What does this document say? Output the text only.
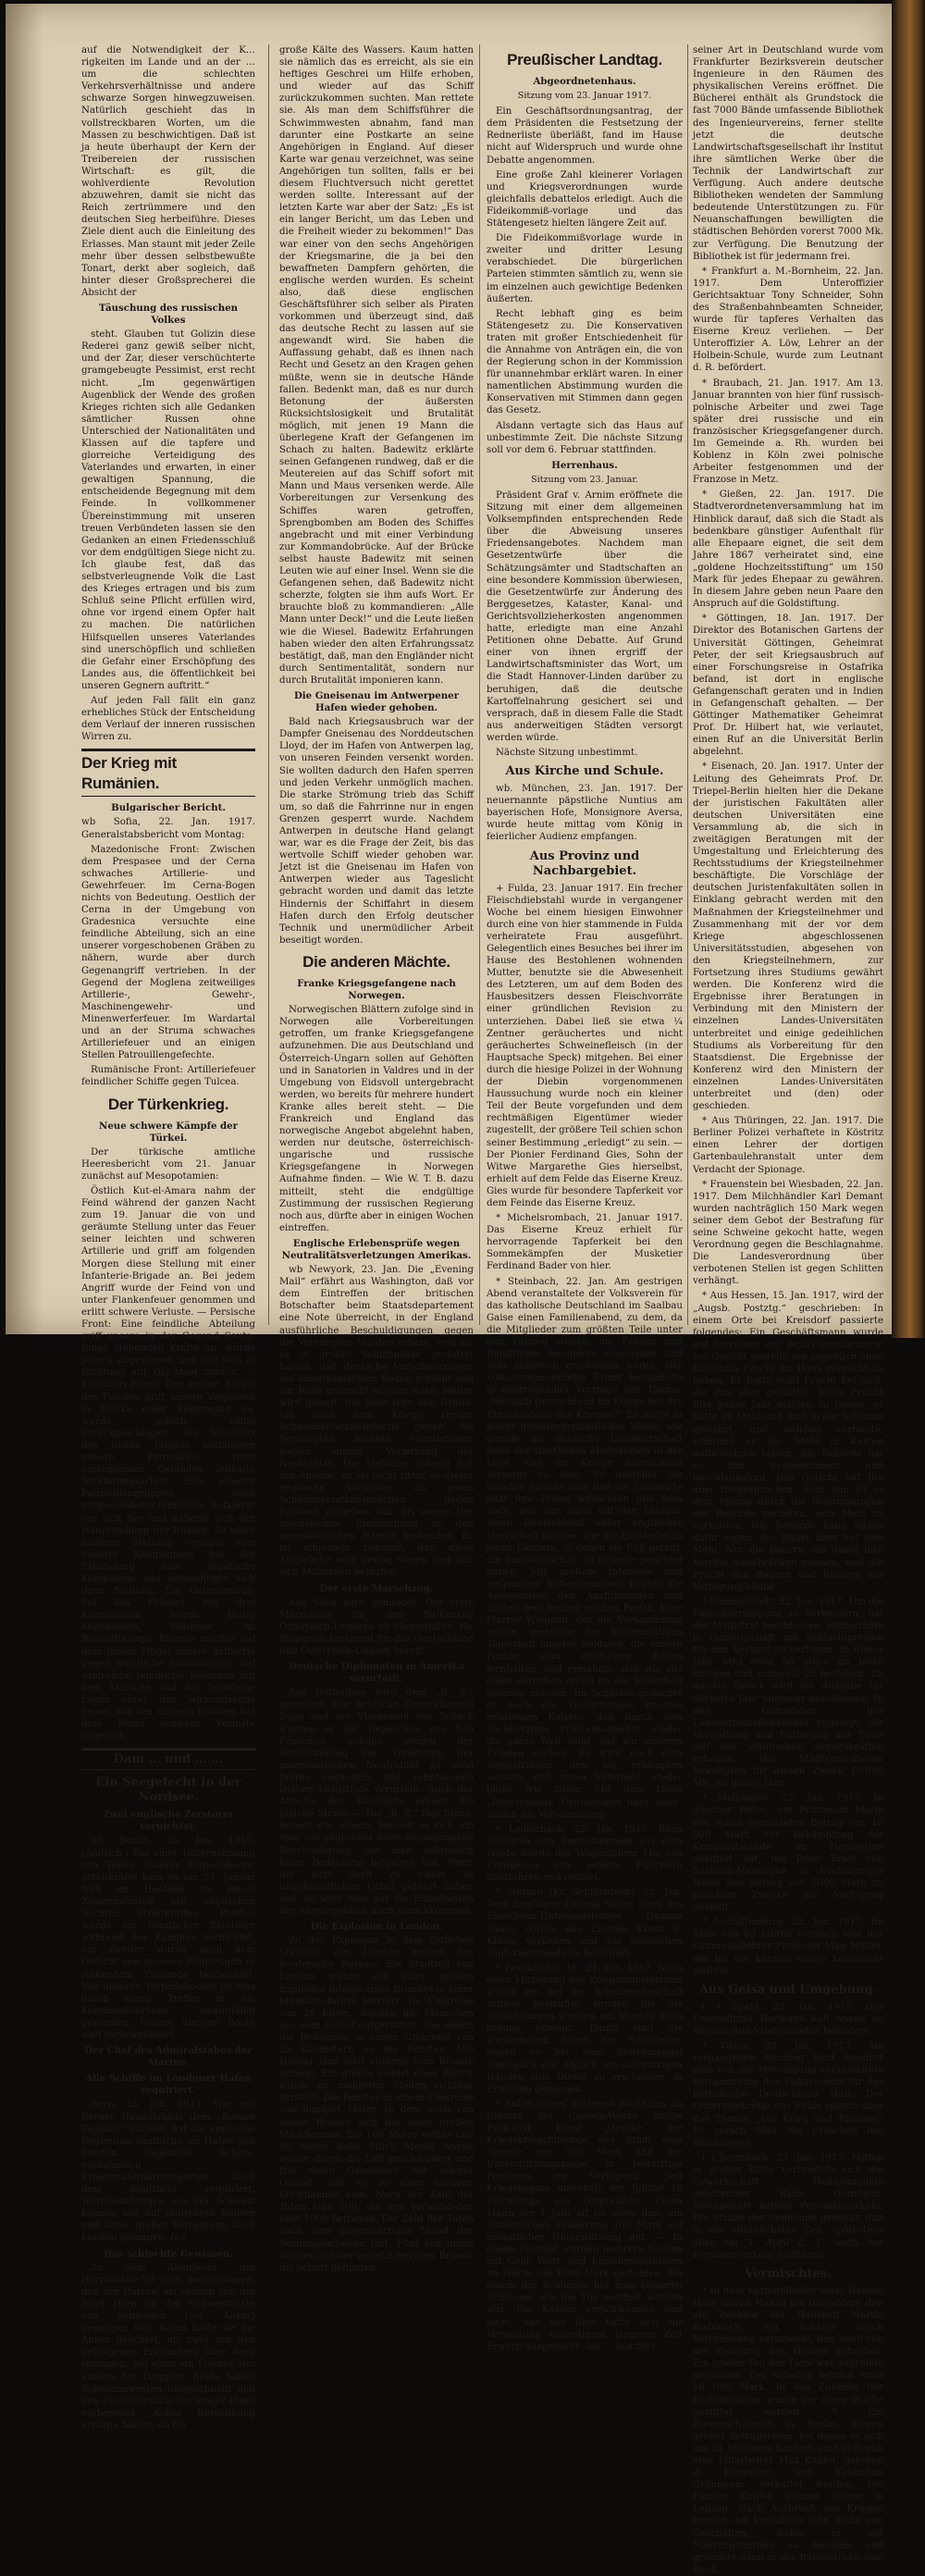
auf die Notwendigkeit der K… rigkeiten im Lande und an der … um die schlechten Verkehrsverhältnisse und andere schwarze Sorgen hinwegzuweisen. Natürlich geschieht das in vollstreckbaren Worten, um die Massen zu beschwichtigen. Daß ist ja heute überhaupt der Kern der Treibereien der russischen Wirtschaft: es gilt, die wohlverdiente Revolution abzuwehren, damit sie nicht das Reich zertrümmere und den deutschen Sieg herbeiführe. Dieses Ziele dient auch die Einleitung des Erlasses. Man staunt mit jeder Zeile mehr über dessen selbstbewußte Tonart, derkt aber sogleich, daß hinter dieser Großsprecherei die Absicht der

Täuschung des russischen Volkes

steht. Glauben tut Golizin diese Rederei ganz gewiß selber nicht, und der Zar, dieser verschüchterte gramgebeugte Pessimist, erst recht nicht. „Im gegenwärtigen Augenblick der Wende des großen Krieges richten sich alle Gedanken sämtlicher Russen ohne Unterschied der Nationalitäten und Klassen auf die tapfere und glorreiche Verteidigung des Vaterlandes und erwarten, in einer gewaltigen Spannung, die entscheidende Begegnung mit dem Feinde. In vollkommener Übereinstimmung mit unseren treuen Verbündeten lassen sie den Gedanken an einen Friedensschluß vor dem endgültigen Siege nicht zu. Ich glaube fest, daß das selbstverleugnende Volk die Last des Krieges ertragen und bis zum Schluß seine Pflicht erfüllen wird, ohne vor irgend einem Opfer halt zu machen. Die natürlichen Hilfsquellen unseres Vaterlandes sind unerschöpflich und schließen die Gefahr einer Erschöpfung des Landes aus, die öffentlichkeit bei unseren Gegnern auftritt.“

Auf jeden Fall fällt ein ganz erhebliches Stück der Entscheidung dem Verlauf der inneren russischen Wirren zu.

Der Krieg mit Rumänien.
Bulgarischer Bericht.

wb Sofia, 22. Jan. 1917. Generalstabsbericht vom Montag:

Mazedonische Front: Zwischen dem Prespasee und der Cerna schwaches Artillerie- und Gewehrfeuer. Im Cerna-Bogen nichts von Bedeutung. Oestlich der Cerna in der Umgebung von Gradesnica versuchte eine feindliche Abteilung, sich an eine unserer vorgeschobenen Gräben zu nähern, wurde aber durch Gegenangriff vertrieben. In der Gegend der Moglena zeitweiliges Artillerie-, Gewehr-, Maschinengewehr- und Minenwerferfeuer. Im Wardartal und an der Struma schwaches Artilleriefeuer und an einigen Stellen Patrouillengefechte.

Rumänische Front: Artilleriefeuer feindlicher Schiffe gegen Tulcea.

Der Türkenkrieg.
Neue schwere Kämpfe der Türkei.

Der türkische amtliche Heeresbericht vom 21. Januar zunächst auf Mesopotamien:

Östlich Kut-el-Amara nahm der Feind während der ganzen Nacht zum 19. Januar die von und geräumte Stellung unter das Feuer seiner leichten und schweren Artillerie und griff am folgenden Morgen diese Stellung mit einer Infanterie-Brigade an. Bei jedem Angriff wurde der Feind von und unter Flankenfeuer genommen und erlitt schwere Verluste. — Persische Front: Eine feindliche Abteilung griff unsere in der Gegend Sauta-Bulak stehenden Kräfte an, wurde jedoch abgewiesen und zog sich in Richtung auf Dig-Abad zurück. — Kaukasus-Front: Der rechte Flügel des Feindes griff unsere Vorposten in Stärke einer Kompagnie an, wurde jedoch völlig zurückgeschlagen. Am Abschnitt des linken Flügels entfalteten unsere Patrouillen trotz unwegsamen Geländes lebhafte Aufklärungsarbeit. Eine unserer Patrouillengruppen stieß vorgeschobene feindliche Aufklärer vor sich her und näherte sich der Hauptstellung der Russen. Zu einer anderen Stellung verjagte eine unserer Kompagnien bei der Erkundung eine feindliche Kompagnie und bemächtigte sich ihrer Stellung. Ein Gefangenzug, fiel des Feindes mit drei Kompagnien wurde blutig abgewiesen, teilweise im Bajonettkampf. Ebenso machte auf dem linken Flügel unsere Artillerie gegen feindliche Sammlungen, auf zahlreiche feindliche Kolonnen auf dem Marsche und das feindliche Lager unter das wirkungsvolle Feuer. Auf den übrigen Fronten hat dem Feind schwere Verluste zugefügt.

Dam … und … …
Ein Seegefecht in der Nordsee.
Zwei englische Zerstörer vernichtet.

wb Berlin, 23. Jan. 1917. (Amtlich.) Bei einer Unternehmung von Teilen unserer Torpedoboots-Streitkräfte kam es am 23. Januar früh im Hoofden zu einem Zusammenstoß mit englischen leichten Streitkräften. Hierbei wurde ein feindlicher Zerstörer während des Kampfes vernichtet, ein zweiter wurde nach dem Gefecht von unseren Flugzeugen in sinkendem Zustande beobachtet. Von unseren Torpedobooten ist eins durch einen Treffer in die Kommandobrücke sinkunfähig geworden. Unsere übrigen Boote sind zurückgekehrt.

Der Chef des Admiralstabes der Marine.
Alle Schiffe im Londoner Hafen requiriert.

Bern, 23. Jan. 1917. Wie ein Berner Handelshaus dem „Berner Tagblatt“ mitteilt, hat die englische Regierung sämtliche im Hafen von London liegenden Schiffe, vornehmlich Kriegsmaterialtransporten nach dem Kontinent requiriert. Warensendungen aus der Schweiz können nur auf indirekten Routen und unter großer Verspätung nach London gelangen. (z.)

Das schlechte Gewissen.

Zu dem Abenteuer der Harrowdale ist noch nachzutragen, daß der Harrow als südlich von der Insel Horn an der Südwestküste von Schweden (vor Anker) gegangen war. Kaum hatte sie die Anker gelichtet, als zwei von den gefangenen Engländern über Bord sprangen, bei einer ein Fischer, der andere der Dampfer. Beide haben Schwimmwesten umgeschnallt und den Fluchtversuch von langer Hand vorbereitet. Auker Berechnung erfolgte halber, da bis

große Kälte des Wassers. Kaum hatten sie nämlich das es erreicht, als sie ein heftiges Geschrei um Hilfe erhoben, und wieder auf das Schiff zurückzukommen suchten. Man rettete sie. Als man dem Schiffsführer die Schwimmwesten abnahm, fand man darunter eine Postkarte an seine Angehörigen in England. Auf dieser Karte war genau verzeichnet, was seine Angehörigen tun sollten, falls er bei diesem Fluchtversuch nicht gerettet werden sollte. Interessant auf der letzten Karte war aber der Satz: „Es ist ein langer Bericht, um das Leben und die Freiheit wieder zu bekommen!“ Das war einer von den sechs Angehörigen der Kriegsmarine, die ja bei den bewaffneten Dampfern gehörten, die englische werden wurden. Es scheint also, daß diese englischen Geschäftsführer sich selber als Piraten vorkommen und überzeugt sind, daß das deutsche Recht zu lassen auf sie angewandt wird. Sie haben die Auffassung gehabt, daß es ihnen nach Recht und Gesetz an den Kragen gehen müßte, wenn sie in deutsche Hände fallen. Bedenkt man, daß es nur durch Betonung der äußersten Rücksichtslosigkeit und Brutalität möglich, mit jenen 19 Mann die überlegene Kraft der Gefangenen im Schach zu halten. Badewitz erklärte seinen Gefangenen rundweg, daß er die Meutereien auf das Schiff sofort mit Mann und Maus versenken werde. Alle Vorbereitungen zur Versenkung des Schiffes waren getroffen, Sprengbomben am Boden des Schiffes angebracht und mit einer Verbindung zur Kommandobrücke. Auf der Brücke selbst hauste Badewitz mit seinen Leuten wie auf einer Insel. Wenn sie die Gefangenen sehen, daß Badewitz nicht scherzte, folgten sie ihm aufs Wort. Er brauchte bloß zu kommandieren: „Alle Mann unter Deck!“ und die Leute ließen wie die Wiesel. Badewitz Erfahrungen haben wieder den alten Erfahrungssatz bestätigt, daß, man den Engländer nicht durch Sentimentalität, sondern nur durch Brutalität imponieren kann.

Die Gneisenau im Antwerpener Hafen wieder gehoben.

Bald nach Kriegsausbruch war der Dampfer Gneisenau des Norddeutschen Lloyd, der im Hafen von Antwerpen lag, von unseren Feinden versenkt worden. Sie wollten dadurch den Hafen sperren und jeden Verkehr unmöglich machen. Die starke Strömung trieb das Schiff um, so daß die Fahrrinne nur in engen Grenzen gesperrt wurde. Nachdem Antwerpen in deutsche Hand gelangt war, war es die Frage der Zeit, bis das wertvolle Schiff wieder gehoben war. Jetzt ist die Gneisenau im Hafen von Antwerpen wieder aus Tageslicht gebracht worden und damit das letzte Hindernis der Schiffahrt in diesem Hafen durch den Erfolg deutscher Technik und unermüdlicher Arbeit beseitigt worden.

Die anderen Mächte.
Franke Kriegsgefangene nach Norwegen.

Norwegischen Blättern zufolge sind in Norwegen alle Vorbereitungen getroffen, um franke Kriegsgefangene aufzunehmen. Die aus Deutschland und Österreich-Ungarn sollen auf Gehöften und in Sanatorien in Valdres und in der Umgebung von Eidsvoll untergebracht werden, wo bereits für mehrere hundert Kranke alles bereit steht. — Die Frankreich und England das norwegische Angebot abgelehnt haben, werden nur deutsche, österreichisch-ungarische und russische Kriegsgefangene in Norwegen Aufnahme finden. — Wie W. T. B. dazu mitteilt, steht die endgültige Zustimmung der russischen Regierung noch aus, dürfte aber in einigen Wochen eintreffen.

Englische Erlebensprüfe wegen Neutralitätsverletzungen Amerikas.

wb Newyork, 23. Jan. Die „Evening Mail“ erfährt aus Washington, daß vor dem Eintreffen der britischen Botschafter beim Staatsdepartement eine Note überreicht, in der England ausführliche Beschuldigungen gegen die Vereinigten Staaten erhebt, weil sie es in großer Schiffspässe gestattet hatten, daß deutsche Verschwörungen auf amerikanischem Boden geplant und zur Reife gebracht worden seien. Weiter wird gesagt, die Note lege den Grund, um nach dem Kriege riesige Schadenersatzansprüche gegen die Vereinigten Staaten vorzubringen wegen angebl. Verletzung der Neutralität. Die Meldung scheint mit der Angabe, es sei nicht fiktiv, so dieser englische Vorschlag an jenen Schadenersatzansprüchen gegen England vorgehen will, als wegen der zweifelsohne Einmischung in den amerikanischen Handel bestanden. Es ist allgemein bekannt, daß diese Ansprüche sehr gering wären und daß sich Milliarden belaufen.

Der erste Marschzug.

Aus Sofia wird gemeldet: Der erste Marschzug für den Balkanzug Österreich-Ungarns ist eingetroffen, für Bulgarien bestimmt für das Deutschland und Österreich-Ungarn bereit.

Deutsche Diplomaten in Amerika verurteilt.

Aus Rotterdam wird dem „B. Z.“ gemeldet: Der deutsche Generalkonsul Bopp und der Vizekonsul von Schack wurden in der Depeschen aus San Francisco zufolge wegen der Verschwörung zur Verletzung der amerikanischen Neutralität zu zwei Jahren Gefängnis und zehntausend Dollars Geldstrafe verurteilt. Auch der Attaché des Konsulats erhielt die gleiche Strafe. — Die „B. Z.“ fügt hinzu: Soweit wir wissen, handelt es sich um eine von englischer Seite ausgegangene Beschuldigung, der man anfänglich keine Bedeutung beigelegt hat. Wenn die jetzt doch zu einem so ungeheuerlichen Urteil geführt haben soll, so wird man auf die Einzelheiten der Angelegenheit noch zurückkommen.

Die Explosion in London.

Zu der Explosion in dem östlichen Stadtteil von London meldet das Reutersche Bureau: Ein Stadtteil von London wurde auf einer großen Explosion infolge eines Brandes in einer Munitionsfabrik zerstört. Im Umkreise von 25 Kilom. wurden die Menschen aus dem Schlaf aufgerüttelt, von denen die Bewohner in einem Umkreise von 25 Kilometern an die Fenster. Alle Häuser sind weit entfernt vom Brande gezeigt. Ein großes Gebiet einer Fabrik wurde an mehreren Stellen sichtbar zerstört. Die Fenster in einem Umkreise von hundert Meter, in dem noch von einem Brande sich bei einer großen Stichflamme. Ein 100 Meter weiter und 80 Meter hohe Stück Metall wurde weiter durch die Luft geschleudert und traf einen Gasmesser mit solcher Gewalt, daß es zu einer riesigen Stichflamme kam. Nach der Zahl der Toten eine 100, die der Verwundeten eine 1000 betragen. Die Zahl der Toten nach dem gegenwärtigen Stand der Bergungsarbeiten fast. Fünf von ihnen wurden schwer verletzt bei dem Brande ins Schutt gefunden.

Preußischer Landtag.
Abgeordnetenhaus.
Sitzung vom 23. Januar 1917.

Ein Geschäftsordnungsantrag, der dem Präsidenten die Festsetzung der Rednerliste überläßt, fand im Hause nicht auf Widerspruch und wurde ohne Debatte angenommen.

Eine große Zahl kleinerer Vorlagen und Kriegsverordnungen wurde gleichfalls debattelos erledigt. Auch die Fideikommiß-vorlage und das Stätengesetz hielten längere Zeit auf.

Die Fideikommißvorlage wurde in zweiter und dritter Lesung verabschiedet. Die bürgerlichen Parteien stimmten sämtlich zu, wenn sie im einzelnen auch gewichtige Bedenken äußerten.

Recht lebhaft ging es beim Stätengesetz zu. Die Konservativen traten mit großer Entschiedenheit für die Annahme von Anträgen ein, die von der Regierung schon in der Kommission für unannehmbar erklärt waren. In einer namentlichen Abstimmung wurden die Konservativen mit Stimmen dann gegen das Gesetz.

Alsdann vertagte sich das Haus auf unbestimmte Zeit. Die nächste Sitzung soll vor dem 6. Februar stattfinden.

Herrenhaus.
Sitzung vom 23. Januar.

Präsident Graf v. Arnim eröffnete die Sitzung mit einer dem allgemeinen Volksempfinden entsprechenden Rede über die Abweisung unseres Friedensangebotes. Nachdem man Gesetzentwürfe über die Schätzungsämter und Stadtschaften an eine besondere Kommission überwiesen, die Gesetzentwürfe zur Änderung des Berggesetzes, Kataster, Kanal- und Gerichtsvollzieherkosten angenommen hatte, erledigte man eine Anzahl Petitionen ohne Debatte. Auf Grund einer von ihnen ergriff der Landwirtschaftsminister das Wort, um die Stadt Hannover-Linden darüber zu beruhigen, daß die deutsche Kartoffelnahrung gesichert sei und versprach, daß in diesem Falle die Stadt aus anderweitigen Städten versorgt werden würde.

Nächste Sitzung unbestimmt.

Aus Kirche und Schule.

wb. München, 23. Jan. 1917. Der neuernannte päpstliche Nuntius am bayerischen Hofe, Monsignore Aversa, wurde heute mittag vom König in feierlicher Audienz empfangen.

Aus Provinz und Nachbargebiet.

+ Fulda, 23. Januar 1917. Ein frecher Fleischdiebstahl wurde in vergangener Woche bei einem hiesigen Einwohner durch eine von hier stammende in Fulda verheiratete Frau ausgeführt. Gelegentlich eines Besuches bei ihrer im Hause des Bestohlenen wohnenden Mutter, benutzte sie die Abwesenheit des Letzteren, um auf dem Boden des Hausbesitzers dessen Fleischvorräte einer gründlichen Revision zu unterziehen. Dabei ließ sie etwa ¼ Zentner geräuchertes und nicht geräuchertes Schweinefleisch (in der Hauptsache Speck) mitgehen. Bei einer durch die hiesige Polizei in der Wohnung der Diebin vorgenommenen Haussuchung wurde noch ein kleiner Teil der Beute vorgefunden und dem rechtmäßigen Eigentümer wieder zugestellt, der größere Teil schien schon seiner Bestimmung „erledigt“ zu sein. — Der Pionier Ferdinand Gies, Sohn der Witwe Margarethe Gies hierselbst, erhielt auf dem Felde das Eiserne Kreuz. Gies wurde für besondere Tapferkeit vor dem Feinde das Eiserne Kreuz.

* Michelsrombach, 21. Januar 1917. Das Eiserne Kreuz erhielt für hervorragende Tapferkeit bei den Sommekämpfen der Musketier Ferdinand Bader von hier.

* Steinbach, 22. Jan. Am gestrigen Abend veranstaltete der Volksverein für das katholische Deutschland im Saalbau Gaise einen Familienabend, zu dem, da die Mitglieder zum größten Teile unter den Fahnen stehen, die Frauen und Jungfrauen besonders eingeladen und sehr zahlreich erschienen waren. Der Volksvereinssekretär Frank behandelte in eindringlicher Vortrage das Thema: „Weshalb Deutschland im Kriege bei der Entscheidung des Krieges?“ Er zeigte in klarer gemeinverständlicher Weise, wie gerade die deutsche Landwirtschaft dank der staatlichen Maßnahmen in der Lage war, im Kriege hinreichend versorgt zu sein. Er gestellte die törichte Ansicht hier, daß die Landwirte jetzt ihre Preise wünschten und wies nach, was nur allein mit den Löhnen, wenn Deutschland unter englischer Herrschaft komme; wie die Engländer in jenen Ländern, in denen sie Fuß gefaßt, die Landwirtschaft zu Grunde gerichtet haben. Mit großem Interesse und gespannter Aufmerksamkeit folgten die Anwesenden den Ausführungen und zollten dem Redner reichen Beifall. Herr Pfarrer Wiegand, der die Versammlung leitete, gedachte der heldenmütigen Tapferkeit unserer Soldaten, die unsere Feinde vom deutschen Boden fernhalten, und ermahnte, daß wir alle einen ehrlichen Anteil an der Sicherheit nehmen müssen. Im Schlusse gedachte er noch des Geburtstages unseres erhabenen Kaisers, daß durch sein hochherziges Friedensangebot wieder die ganze Welt zeigt, daß wir unseren Frieden suchen. Es wird nach dem Siegesfrieden, den wir erkämpfen werden, daß unser Vaterland wieder blühe wie zuvor. Mit dem Liede „Deutschland, Deutschland über alles“ schloß die Versammlung.

* Lauterbach, 22. Jan. 1917. Beim Abfahren von Baumstämmen aus dem Walde wurde der Wagenführer Mix von Frankenau von seinem Fuhrwerk überfahren und getötet.

* Steinau (Kr. Schlüchtern), 22. Jan. Dem Zugführer Ludwig Sauer, Sohn des Eisenbahn-Unterassistenten Damian Sauer, wurde das Eiserne Kreuz 2. Klasse verliehen und zur hessischen Tapferkeitsmedaille befördert.

* Frankfurt a. M., 21. Jan. 1917. Nach einer Mitteilung des Kriegsministeriums wurde ein bei der Schutzmannschaft schwer bestrafter Bruder, die die Vorkehrungen wurden am Montag noch braune erzeugt. Damit sind die wiederholten Bitten der Schulleute, denen es bei dem Seifenmangel unmöglich war, täglich mit schmutzigen Händen zum Dienst zu erscheinen, in Erfüllung gegangen.

* Anlaß seines goldenen Jubiläums im Dienste der Cassela-Werke stellte Prokurist Ernst Järacke der Kriegskriegsfürsorge des Stadt eine Spende von 500 Mark und der Unterstützungskasse in bedürftige Personen zur Verfügung. Seit Kriegsbeginn unterhält der Jubilar 16 Flüchtlinge aus Ostpreußen. Einen Mann der 1 Jahr alt ist unter ihm, um tatsächlichen Ernährung 100 Mark auf monatlicher Unterstützung auf. — In einem Postamt wurden mehrere Sachen mit Geld, Wert- und Einschreibebriefen im Werte von 1000 Mark gestohlen. Bei einem der Schließer hat man keinerlei Schlüssel, wie die Tür geöffnet worden war. Die Kassen verschwunden und nicht, und der Dieb hatte sich zur Verwaltung unbestimmt längerer Zeit Erwerb ausgesucht. Als … Instituts

seiner Art in Deutschland wurde vom Frankfurter Bezirksverein deutscher Ingenieure in den Räumen des physikalischen Vereins eröffnet. Die Bücherei enthält als Grundstock die fast 7000 Bände umfassende Bibliothek des Ingenieurvereins, ferner stellte jetzt die deutsche Landwirtschaftsgesellschaft ihr Institut ihre sämtlichen Werke über die Technik der Landwirtschaft zur Verfügung. Auch andere deutsche Bibliotheken wendeten der Sammlung bedeutende Unterstützungen zu. Für Neuanschaffungen bewilligten die städtischen Behörden vorerst 7000 Mk. zur Verfügung. Die Benutzung der Bibliothek ist für jedermann frei.

* Frankfurt a. M.-Bornheim, 22. Jan. 1917. Dem Unteroffizier Gerichtsaktuar Tony Schneider, Sohn des Straßenbahnbeamten Schneider, wurde für tapferes Verhalten das Eiserne Kreuz verliehen. — Der Unteroffizier A. Löw, Lehrer an der Holbein-Schule, wurde zum Leutnant d. R. befördert.

* Braubach, 21. Jan. 1917. Am 13. Januar brannten von hier fünf russisch-polnische Arbeiter und zwei Tage später drei russische und ein französischer Kriegsgefangener durch. Im Gemeinde a. Rh. wurden bei Koblenz in Köln zwei polnische Arbeiter festgenommen und der Franzose in Metz.

* Gießen, 22. Jan. 1917. Die Stadtverordnetenversammlung hat im Hinblick darauf, daß sich die Stadt als bedenkbare günstiger Aufenthalt für alle Ehepaare eignet, die seit dem Jahre 1867 verheiratet sind, eine „goldene Hochzeitsstiftung“ um 150 Mark für jedes Ehepaar zu gewähren. In diesem Jahre geben neun Paare den Anspruch auf die Goldstiftung.

* Göttingen, 18. Jan. 1917. Der Direktor des Botanischen Gartens der Universität Göttingen, Geheimrat Peter, der seit Kriegsausbruch auf einer Forschungsreise in Ostafrika befand, ist dort in englische Gefangenschaft geraten und in Indien in Gefangenschaft gehalten. — Der Göttinger Mathematiker Geheimrat Prof. Dr. Hilbert hat, wie verlautet, einen Ruf an die Universität Berlin abgelehnt.

* Eisenach, 20. Jan. 1917. Unter der Leitung des Geheimrats Prof. Dr. Triepel-Berlin hielten hier die Dekane der juristischen Fakultäten aller deutschen Universitäten eine Versammlung ab, die sich in zweitägigen Beratungen mit der Umgestaltung und Erleichterung des Rechtsstudiums der Kriegsteilnehmer beschäftigte. Die Vorschläge der deutschen Juristenfakultäten sollen in Einklang gebracht werden mit den Maßnahmen der Kriegsteilnehmer und Zusammenhang mit der vor dem Kriege abgeschlossenen Universitätsstudien, abgesehen von den Kriegsteilnehmern, zur Fortsetzung ihres Studiums gewährt werden. Die Konferenz wird die Ergebnisse ihrer Beratungen in Verbindung mit den Ministern der einzelnen Landes-Universitäten unterbreitet und einige gedeihlichen Studiums als Vorbereitung für den Staatsdienst. Die Ergebnisse der Konferenz wird den Ministern der einzelnen Landes-Universitäten unterbreitet und (den) oder geschieden.

* Aus Thüringen, 22. Jan. 1917. Die Berliner Polizei verhaftete in Köstritz einen Lehrer der dortigen Gartenbaulehranstalt unter dem Verdacht der Spionage.

* Frauenstein bei Wiesbaden, 22. Jan. 1917. Dem Milchhändler Karl Demant wurden nachträglich 150 Mark wegen seiner dem Gebot der Bestrafung für seine Schweine gekocht hatte, wegen Verordnung gegen die Beschlagnahme. Die Landesverordnung über verbotenen Stellen ist gegen Schlitten verhängt.

* Aus Hessen, 15. Jan. 1917, wird der „Augsb. Postztg.“ geschrieben: In einem Orte bei Kreisdorf passierte folgendes: Ein Geschäftsmann wurde auf Betreiben der Bezirksgendarmerie vor Gericht gestellt, um angeblich ohne Erlaubnis Frucht ins Haus gebracht zu haben. Er hatte wohl Frucht bei sich, die ihm aber gestattet, keine Frucht fürs ganze Jahr mahlen zu lassen, er hatte im Mehl und Brot in der Scheune gewahrt, und welchen verfasste, während er das Mehl in Kasten aufbewahren lassen, die Behörde hat es ihm weggenommen und beschlagnahmt. Das Gericht hat ihn aber freigesprochen. Aber nun ist es dem Manne durch die Bestimmungen der Behörde verboten, sein Mehl zu verkaufen. Die Behörde kann nichts dafür sagen, der Bauer aber hat sein Mehl. Nur die Bauern, die damit ihre Vorräte einschränken müssen, weil die Frucht den Bauern und Rindern zur Verfügung bleibe.

* Sammelstadt, 22. Jan. 1917. Um die Fleischversorgung zu verbessern, hat der Magistrat beschlossen, Hühnerhöfe in Gemeinschaft mit Schlachtpreisen für den Verkauf zu verfügen. In dieser Jahr wird etwa 50 Stück im Jahre machen und zunächst 25 bestellen. Zu diesem Zweck wird die Ausgabe für nächstes Jahr nunmehr beschlossen. In den Gemeinden der Landwirtschaftskammer zugelegt; die Verwaltung und Fütterung der Tiere soll von städtischen Arbeitskräften erfolgen. Die Stadtverordneten bewilligten für diesen Zweck 10,000 Mk. für dieses Jahr.

* Meiningen, 22. Jan. 1917. In gleicher Weise, wie Prinzessin Marie des schon gemeldeten Betrag von 10 000 Mark zur Bekämpfung der Kriegsnotstände im Herzogtum gestiftet hat, hat Prinz Ernst von Sachsen-Meiningen in hochherziger Weise den Betrag von 5000 Mark zu gleichem Zwecke zur Verfügung gestellt.

* Aschaffenburg, 22. Jan. 1917. Im Alter von 83 Jahren verstarb hier der Gymnasiallehrer Professor Mag Müller, der bis vor kurzem seines Lehramtes waltete.

Aus Geisa und Umgebung.

( ) Spahl, 22. Jan. 1917. Der Unteroffizier Hermann Kolt wurde im Westen zum Vizefeldwebel befördert.

* Geisa, 23. Jan. 1917. Am vergangenen Sonntag fand daselbst eine von der Vereinigung veranstaltete Versammlung des Volksvereins für das katholische Deutschland statt. Der Generalsekretär aus Fulda sprach über das Thema: „Vor Krieg und Frieden.“ Er sprach über die Ursachen des Weltkrieges.

( ) Bermbach, 23. Jan. 1917. Mitten in großer Kälte verbreitete sich die Gewerkschaft Heiligenmühle gehörenden Bahn Dernbach-Wenigentaft mittels Personenverkehr. Die Straße der Gemeinde gedenkt, daß in der allernächsten Zeit, spätestens aber am 1. April d. J., auch der Personenverkehr einführen.

Vermischtes.

* In dem Kartoffelkeller eines Hauses Hain unweit Hanau bei Düsseldorf, den ein Zubehör der Haushalt Martin Rodemich, ein Schäfer durch Verbrennung verursacht, den Sohn von der Wohnung des Hauses gefunden. Ein großer Teil der Tiere war zugrunde gegangen. Der Schaden beträgt etwa 16 000 Mark. In das Zubehör der Kartoffelkeller wurde vor einer Woche gestiftet worden. * Ein Riesenschwindel in Berlin. Wegen großer Betrügereien, bei denen es sich um 21 Millionen handelt, sind in Berlin eine Mitarbeiter Max Kupfer, geboren in Hannover, und Kaufmann Grünbaum, verhaftet worden. Die Familie Kupfer wohnte früher in Leipzig. Nach Ausbruch des Krieges betrieb der Verhaftete eine Reihe von Geschäften, wobei er mit Nahrungsmitteln zu handeln und gründete dann in der Bülowstraße eine Bank.
